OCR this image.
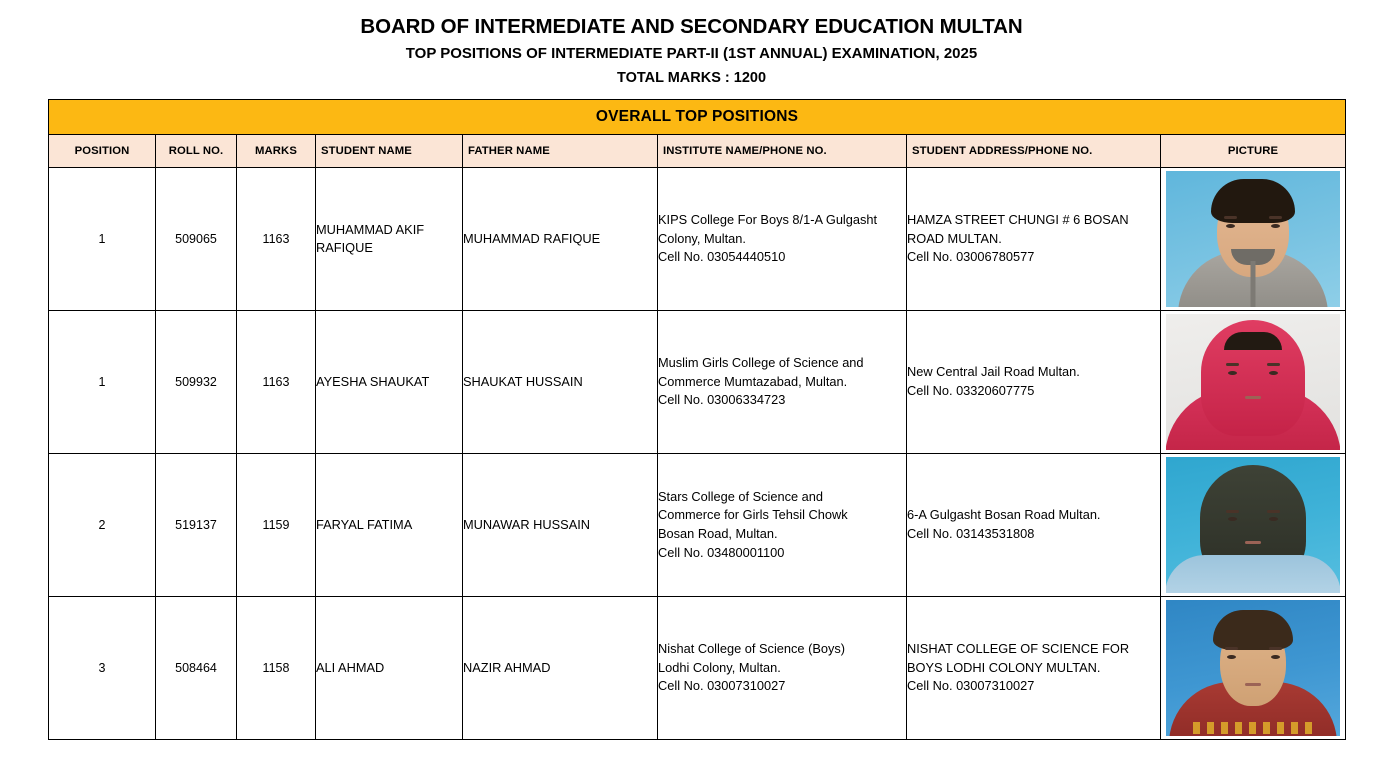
BOARD OF INTERMEDIATE AND SECONDARY EDUCATION MULTAN
TOP POSITIONS OF INTERMEDIATE PART-II (1ST ANNUAL) EXAMINATION, 2025
TOTAL MARKS : 1200
OVERALL TOP POSITIONS							

POSITION	ROLL NO.	MARKS	STUDENT NAME	FATHER NAME	INSTITUTE NAME/PHONE NO.	STUDENT ADDRESS/PHONE NO.	PICTURE

1	509065	1163	MUHAMMAD AKIF RAFIQUE	MUHAMMAD RAFIQUE	KIPS College For Boys 8/1-A Gulgasht
Colony, Multan.
Cell No. 03054440510	HAMZA STREET CHUNGI # 6 BOSAN
ROAD MULTAN.
Cell No. 03006780577	

1	509932	1163	AYESHA SHAUKAT	SHAUKAT HUSSAIN	Muslim Girls College of Science and
Commerce Mumtazabad, Multan.
Cell No. 03006334723	New Central Jail Road Multan.
Cell No. 03320607775	

2	519137	1159	FARYAL FATIMA	MUNAWAR HUSSAIN	Stars College of Science and
Commerce for Girls Tehsil Chowk
Bosan Road, Multan.
Cell No. 03480001100	6-A Gulgasht Bosan Road Multan.
Cell No. 03143531808	

3	508464	1158	ALI AHMAD	NAZIR AHMAD	Nishat College of Science (Boys)
Lodhi Colony, Multan.
Cell No. 03007310027	NISHAT COLLEGE OF SCIENCE FOR
BOYS LODHI COLONY MULTAN.
Cell No. 03007310027	
